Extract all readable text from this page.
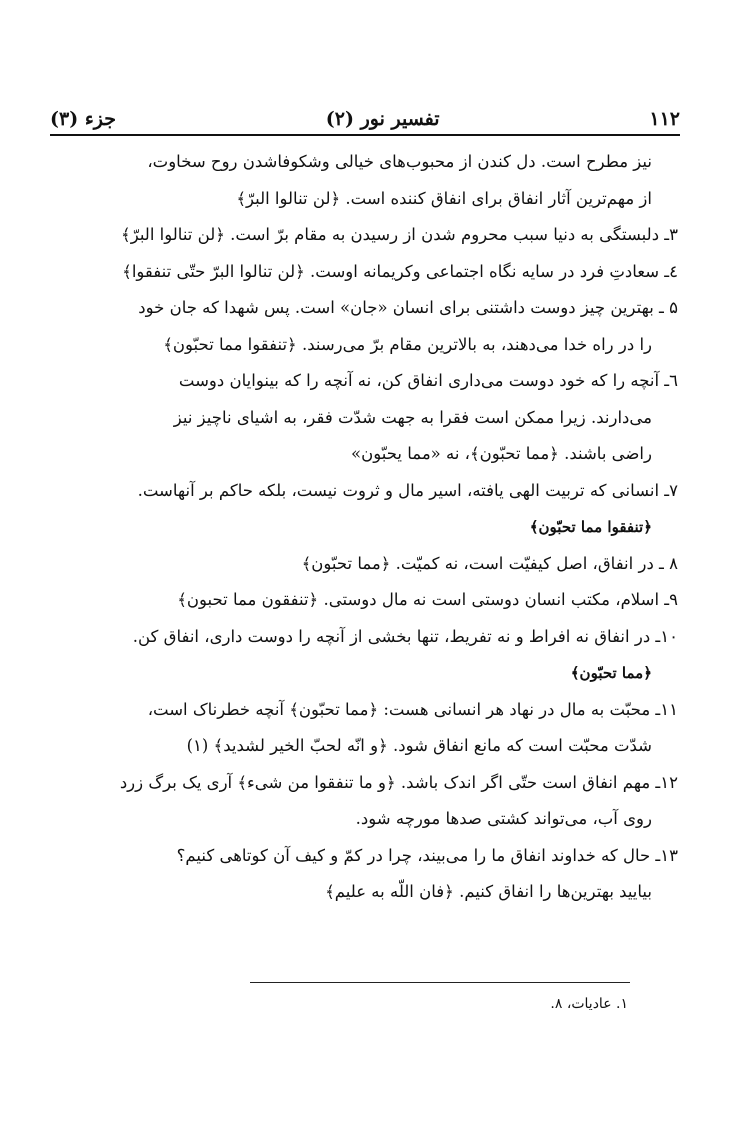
۱۱۲
تفسیر نور (۲)
جزء (۳)

نیز مطرح است. دل کندن از محبوب‌های خیالی وشکوفاشدن روح سخاوت،
از مهم‌ترین آثار انفاق برای انفاق کننده است. ﴿لن تنالوا البرّ﴾

۳ـ دلبستگی به دنیا سبب محروم شدن از رسیدن به مقام برّ است. ﴿لن تنالوا البرّ﴾

٤ـ سعادتِ فرد در سایه نگاه اجتماعی وکریمانه اوست. ﴿لن تنالوا البرّ حتّی تنفقوا﴾

۵ ـ بهترین چیز دوست داشتنی برای انسان «جان» است. پس شهدا که جان خود
را در راه خدا می‌دهند، به بالاترین مقام برّ می‌رسند. ﴿تنفقوا مما تحبّون﴾

٦ـ آنچه را که خود دوست می‌داری انفاق کن، نه آنچه را که بینوایان دوست
می‌دارند. زیرا ممکن است فقرا به جهت شدّت فقر، به اشیای ناچیز نیز
راضی باشند. ﴿مما تحبّون﴾، نه «مما یحبّون»

۷ـ انسانی که تربیت الهی یافته، اسیر مال و ثروت نیست، بلکه حاکم بر آنهاست.
﴿تنفقوا مما تحبّون﴾

۸ ـ در انفاق، اصل کیفیّت است، نه کمیّت. ﴿مما تحبّون﴾

۹ـ اسلام، مکتب انسان دوستی است نه مال دوستی. ﴿تنفقون مما تحبون﴾

۱۰ـ در انفاق نه افراط و نه تفریط، تنها بخشی از آنچه را دوست داری، انفاق کن.
﴿مما تحبّون﴾

۱۱ـ محبّت به مال در نهاد هر انسانی هست: ﴿مما تحبّون﴾ آنچه خطرناک است،
شدّت محبّت است که مانع انفاق شود. ﴿و انّه لحبّ الخیر لشدید﴾ (۱)

۱۲ـ مهم انفاق است حتّی اگر اندک باشد. ﴿و ما تنفقوا من شیء﴾ آری یک برگ زرد
روی آب، می‌تواند کشتی صدها مورچه شود.

۱۳ـ حال که خداوند انفاق ما را می‌بیند، چرا در کمّ و کیف آن کوتاهی کنیم؟
بیایید بهترین‌ها را انفاق کنیم. ﴿فان اللّه به علیم﴾

۱. عادیات، ۸.
